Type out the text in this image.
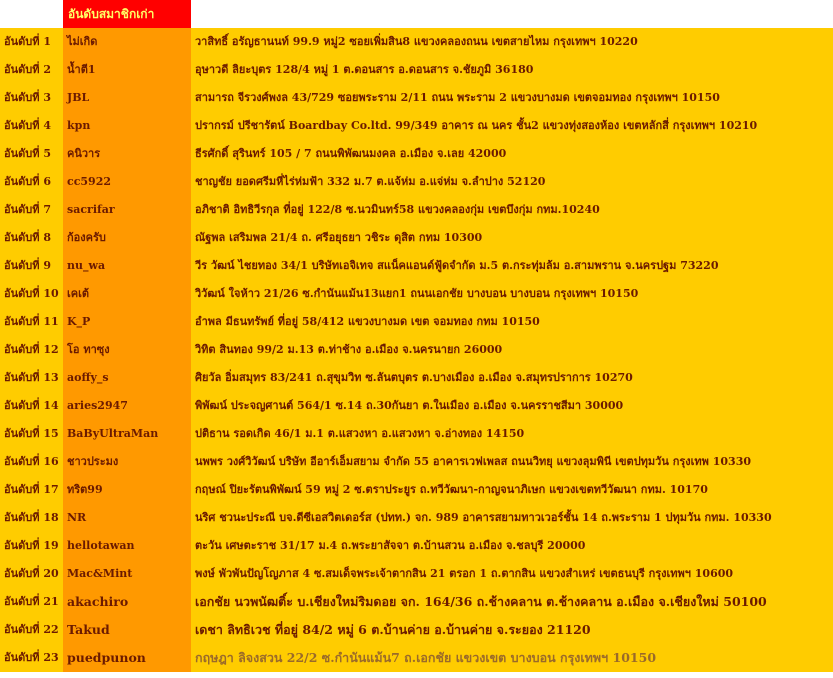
อันดับสมาชิกเก่า
อันดับที่ 1	ไม่เกิด	วาสิทธิ์ อรัญธานนท์ 99.9 หมู่2 ซอยเพิ่มสิน8 แขวงคลองถนน เขตสายไหม กรุงเทพฯ 10220
อันดับที่ 2	น้ำตี1	อุษาวดี ลิยะบุตร 128/4 หมู่ 1 ต.ดอนสาร อ.ดอนสาร จ.ชัยภูมิ 36180
อันดับที่ 3	JBL	สามารถ จีรวงศ์พงล 43/729 ซอยพระราม 2/11 ถนน พระราม 2 แขวงบางมด เขตจอมทอง กรุงเทพฯ 10150
อันดับที่ 4	kpn	ปรากรม์ ปรีชารัตน์ Boardbay Co.ltd. 99/349 อาคาร ณ นคร ชั้น2 แขวงทุ่งสองห้อง เขตหลักสี่ กรุงเทพฯ 10210
อันดับที่ 5	คนิวาร	ธีรศักดิ์ สุรินทร์ 105 / 7 ถนนพิพัฒนมงคล อ.เมือง จ.เลย 42000
อันดับที่ 6	cc5922	ชาญชัย ยอดศรีมหี่ไร่ห่มฟ้า 332 ม.7 ต.แจ้ห่ม อ.แจ่ห่ม จ.ลำปาง 52120
อันดับที่ 7	sacrifar	อภิชาติ อิทธิวีรกุล ที่อยู่ 122/8 ซ.นวมินทร์58 แขวงคลองกุ่ม เขตบึงกุ่ม กทม.10240
อันดับที่ 8	ก้องครับ	ณัฐพล เสริมพล 21/4 ถ. ศรีอยุธยา วชิระ ดุสิต กทม 10300
อันดับที่ 9	nu_wa	วีร วัฒน์ ไชยทอง 34/1 บริษัทเอจิเทจ สแน็คแอนด์ฟู้ดจำกัด ม.5 ต.กระทุ่มล้ม อ.สามพราน จ.นครปฐม 73220
อันดับที่ 10 เคเต้	วิวัฒน์ ใจห้าว 21/26 ซ.กำนันแม้น13แยก1 ถนนเอกชัย บางบอน บางบอน กรุงเทพฯ 10150
อันดับที่ 11 K_P	อำพล มีธนทรัพย์ ที่อยู่ 58/412 แขวงบางมด เขต จอมทอง กทม 10150
อันดับที่ 12 โอ ทาซุง	วิทิต สินทอง 99/2 ม.13 ต.ท่าช้าง อ.เมือง จ.นครนายก 26000
อันดับที่ 13 aoffy_s	ศิยวัล อิ่มสมุทร 83/241 ถ.สุขุมวิท ซ.ลันตบุตร ต.บางเมือง อ.เมือง จ.สมุทรปราการ 10270
อันดับที่ 14 aries2947	พิพัฒน์ ประจญศานต์ 564/1 ซ.14 ถ.30กันยา ต.ในเมือง อ.เมือง จ.นครราชสีมา 30000
อันดับที่ 15 BaByUltraMan	ปติธาน รอดเกิด 46/1 ม.1 ต.แสวงหา อ.แสวงหา จ.อ่างทอง 14150
อันดับที่ 16 ชาวประมง	นพพร วงศ์วิวัฒน์ บริษัท อีอาร์เอ็มสยาม จำกัด 55 อาคารเวฟเพลส ถนนวิทยุ แขวงลุมพินี เขตปทุมวัน กรุงเทพ 10330
อันดับที่ 17 ทริต99	กฤษณ์ ปิยะรัตนพิพัฒน์ 59 หมู่ 2 ซ.ตราประยูร ถ.ทวีวัฒนา-กาญจนาภิเษก แขวงเขตทวีวัฒนา กทม. 10170
อันดับที่ 18 NR	นริศ ชวนะประณี บจ.ดีซีเอสวิตเดอร์ส (ปทท.) จก. 989 อาคารสยามทาวเวอร์ชั้น 14 ถ.พระราม 1 ปทุมวัน กทม. 10330
อันดับที่ 19 hellotawan	ตะวัน เศษตะราช 31/17 ม.4 ถ.พระยาสัจจา ต.บ้านสวน อ.เมือง จ.ชลบุรี 20000
อันดับที่ 20 Mac&Mint	พงษ์ พัวพันปัญโญภาส 4 ซ.สมเด็จพระเจ้าตากสิน 21 ตรอก 1 ถ.ตากสิน แขวงสำเหร่ เขตธนบุรี กรุงเทพฯ 10600
อันดับที่ 21 akachiro	เอกชัย นวพนัฒติ์ะ บ.เชียงใหม่ริมดอย จก. 164/36 ถ.ช้างคลาน ต.ช้างคลาน อ.เมือง จ.เชียงใหม่ 50100
อันดับที่ 22 Takud	เดชา ลิทธิเวช ที่อยู่ 84/2 หมู่ 6 ต.บ้านค่าย อ.บ้านค่าย จ.ระยอง 21120
อันดับที่ 23 puedpunon	กฤษฎา ลิจงสวน 22/2 ซ.กำนันแม้น7 ถ.เอกชัย แขวงเขต บางบอน กรุงเทพฯ 10150
